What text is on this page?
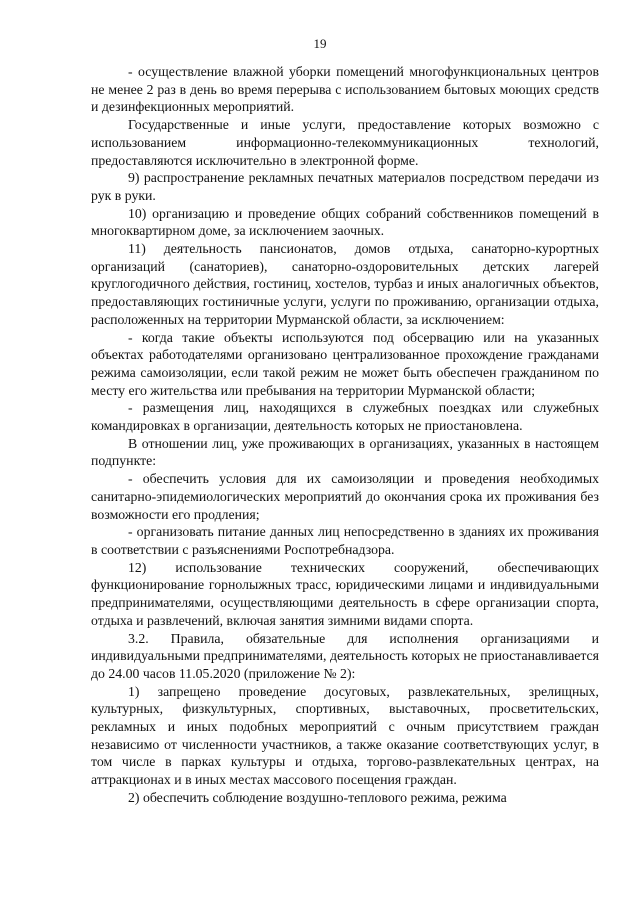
19

- осуществление влажной уборки помещений многофункциональных центров не менее 2 раз в день во время перерыва с использованием бытовых моющих средств и дезинфекционных мероприятий.

Государственные и иные услуги, предоставление которых возможно с использованием информационно-телекоммуникационных технологий, предоставляются исключительно в электронной форме.

9) распространение рекламных печатных материалов посредством передачи из рук в руки.

10) организацию и проведение общих собраний собственников помещений в многоквартирном доме, за исключением заочных.

11) деятельность пансионатов, домов отдыха, санаторно-курортных организаций (санаториев), санаторно-оздоровительных детских лагерей круглогодичного действия, гостиниц, хостелов, турбаз и иных аналогичных объектов, предоставляющих гостиничные услуги, услуги по проживанию, организации отдыха, расположенных на территории Мурманской области, за исключением:

- когда такие объекты используются под обсервацию или на указанных объектах работодателями организовано централизованное прохождение гражданами режима самоизоляции, если такой режим не может быть обеспечен гражданином по месту его жительства или пребывания на территории Мурманской области;

- размещения лиц, находящихся в служебных поездках или служебных командировках в организации, деятельность которых не приостановлена.

В отношении лиц, уже проживающих в организациях, указанных в настоящем подпункте:

- обеспечить условия для их самоизоляции и проведения необходимых санитарно-эпидемиологических мероприятий до окончания срока их проживания без возможности его продления;

- организовать питание данных лиц непосредственно в зданиях их проживания в соответствии с разъяснениями Роспотребнадзора.

12) использование технических сооружений, обеспечивающих функционирование горнолыжных трасс, юридическими лицами и индивидуальными предпринимателями, осуществляющими деятельность в сфере организации спорта, отдыха и развлечений, включая занятия зимними видами спорта.

3.2. Правила, обязательные для исполнения организациями и индивидуальными предпринимателями, деятельность которых не приостанавливается до 24.00 часов 11.05.2020 (приложение № 2):

1) запрещено проведение досуговых, развлекательных, зрелищных, культурных, физкультурных, спортивных, выставочных, просветительских, рекламных и иных подобных мероприятий с очным присутствием граждан независимо от численности участников, а также оказание соответствующих услуг, в том числе в парках культуры и отдыха, торгово-развлекательных центрах, на аттракционах и в иных местах массового посещения граждан.

2) обеспечить соблюдение воздушно-теплового режима, режима
